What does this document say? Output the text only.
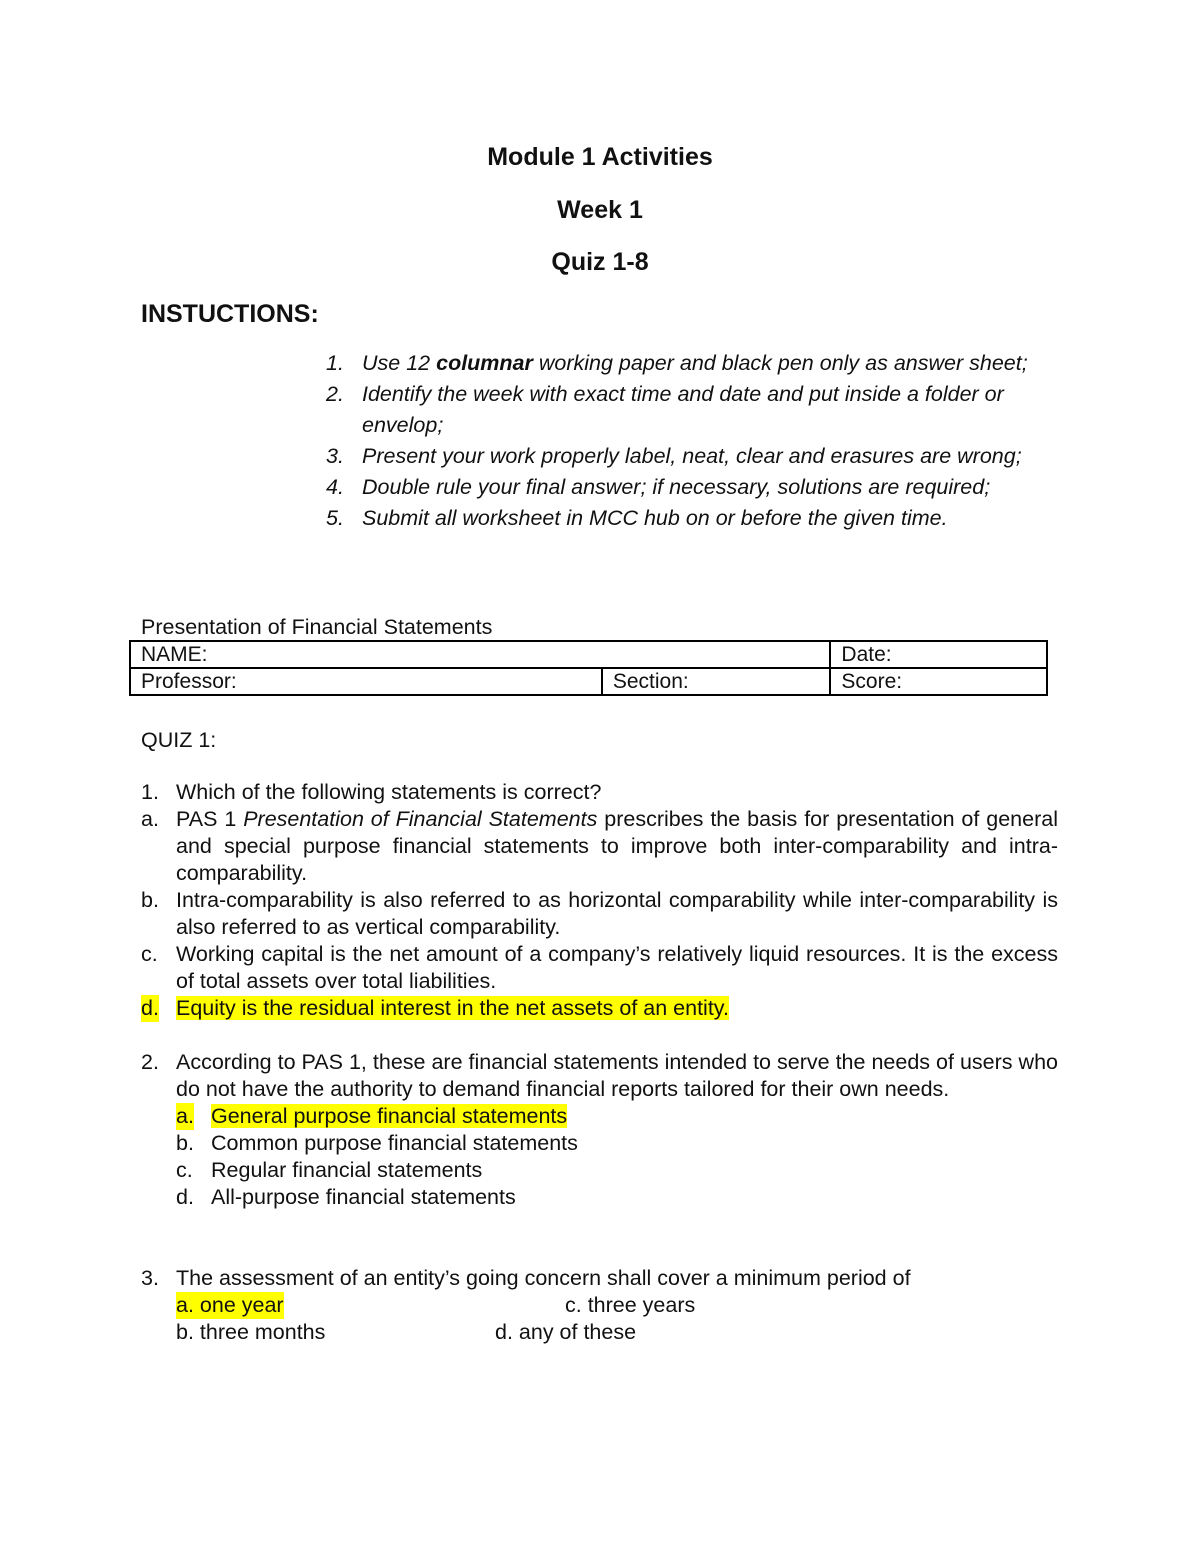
Module 1 Activities
Week 1
Quiz 1-8
INSTUCTIONS:
1. Use 12 columnar working paper and black pen only as answer sheet;
2. Identify the week with exact time and date and put inside a folder or envelop;
3. Present your work properly label, neat, clear and erasures are wrong;
4. Double rule your final answer; if necessary, solutions are required;
5. Submit all worksheet in MCC hub on or before the given time.
Presentation of Financial Statements
NAME:		Date:
Professor:	Section:	Score:
QUIZ 1:
1. Which of the following statements is correct?
a. PAS 1 Presentation of Financial Statements prescribes the basis for presentation of general and special purpose financial statements to improve both inter-comparability and intra-comparability.
b. Intra-comparability is also referred to as horizontal comparability while inter-comparability is also referred to as vertical comparability.
c. Working capital is the net amount of a company’s relatively liquid resources. It is the excess of total assets over total liabilities.
d. Equity is the residual interest in the net assets of an entity.
2. According to PAS 1, these are financial statements intended to serve the needs of users who do not have the authority to demand financial reports tailored for their own needs.
a. General purpose financial statements
b. Common purpose financial statements
c. Regular financial statements
d. All-purpose financial statements
3. The assessment of an entity’s going concern shall cover a minimum period of
a. one year	c. three years
b. three months	d. any of these
